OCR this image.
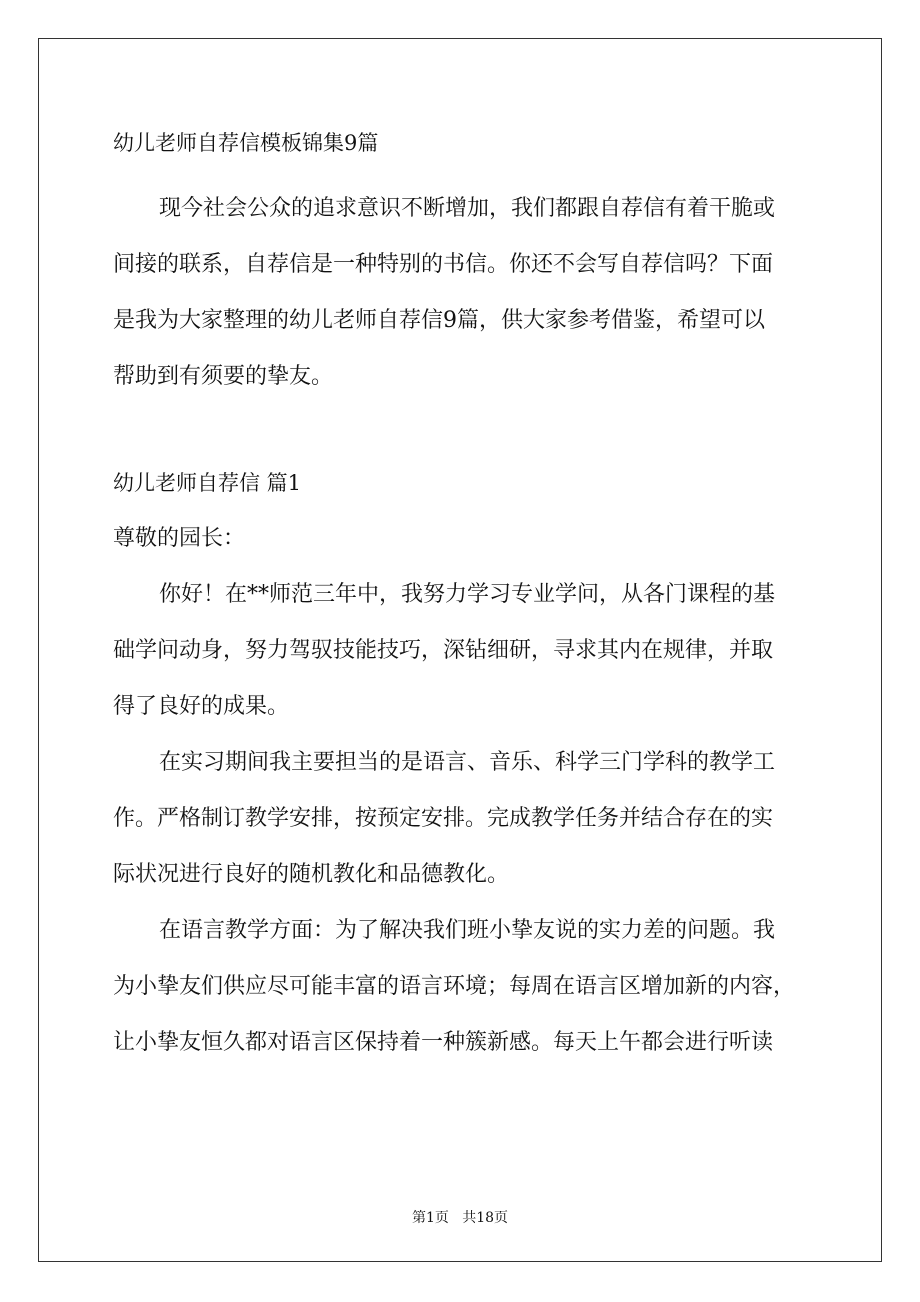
幼儿老师自荐信模板锦集9篇

现今社会公众的追求意识不断增加，我们都跟自荐信有着干脆或

间接的联系，自荐信是一种特别的书信。你还不会写自荐信吗？下面

是我为大家整理的幼儿老师自荐信9篇，供大家参考借鉴，希望可以

帮助到有须要的挚友。

幼儿老师自荐信 篇1

尊敬的园长：

你好！在**师范三年中，我努力学习专业学问，从各门课程的基

础学问动身，努力驾驭技能技巧，深钻细研，寻求其内在规律，并取

得了良好的成果。

在实习期间我主要担当的是语言、音乐、科学三门学科的教学工

作。严格制订教学安排，按预定安排。完成教学任务并结合存在的实

际状况进行良好的随机教化和品德教化。

在语言教学方面：为了解决我们班小挚友说的实力差的问题。我

为小挚友们供应尽可能丰富的语言环境；每周在语言区增加新的内容，

让小挚友恒久都对语言区保持着一种簇新感。每天上午都会进行听读

第1页   共18页
